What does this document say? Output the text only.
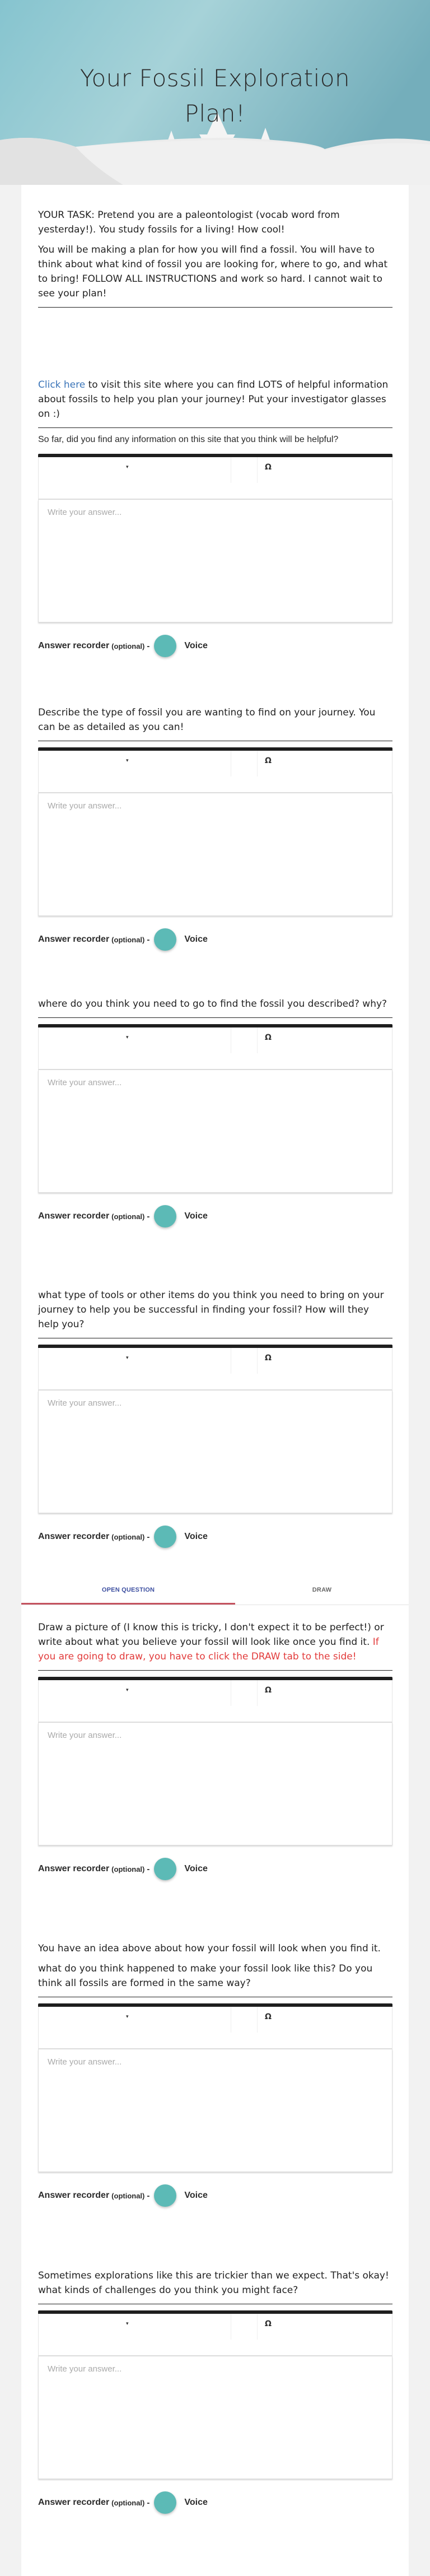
Your Fossil Exploration
Plan!

YOUR TASK: Pretend you are a paleontologist (vocab word from yesterday!). You study fossils for a living! How cool!

You will be making a plan for how you will find a fossil. You will have to think about what kind of fossil you are looking for, where to go, and what to bring! FOLLOW ALL INSTRUCTIONS and work so hard. I cannot wait to see your plan!

Click here to visit this site where you can find LOTS of helpful information about fossils to help you plan your journey! Put your investigator glasses on :)

So far, did you find any information on this site that you think will be helpful?
▾	Ω
Write your answer...
Answer recorder (optional) -	Voice

Describe the type of fossil you are wanting to find on your journey. You can be as detailed as you can!

▾	Ω
Write your answer...
Answer recorder (optional) -	Voice

where do you think you need to go to find the fossil you described? why?

▾	Ω
Write your answer...
Answer recorder (optional) -	Voice

what type of tools or other items do you think you need to bring on your journey to help you be successful in finding your fossil? How will they help you?

▾	Ω
Write your answer...
Answer recorder (optional) -	Voice
OPEN QUESTION	DRAW

Draw a picture of (I know this is tricky, I don't expect it to be perfect!) or write about what you believe your fossil will look like once you find it. If you are going to draw, you have to click the DRAW tab to the side!

▾	Ω
Write your answer...
Answer recorder (optional) -	Voice

You have an idea above about how your fossil will look when you find it.

what do you think happened to make your fossil look like this? Do you think all fossils are formed in the same way?

▾	Ω
Write your answer...
Answer recorder (optional) -	Voice

Sometimes explorations like this are trickier than we expect. That's okay! what kinds of challenges do you think you might face?

▾	Ω
Write your answer...
Answer recorder (optional) -	Voice
